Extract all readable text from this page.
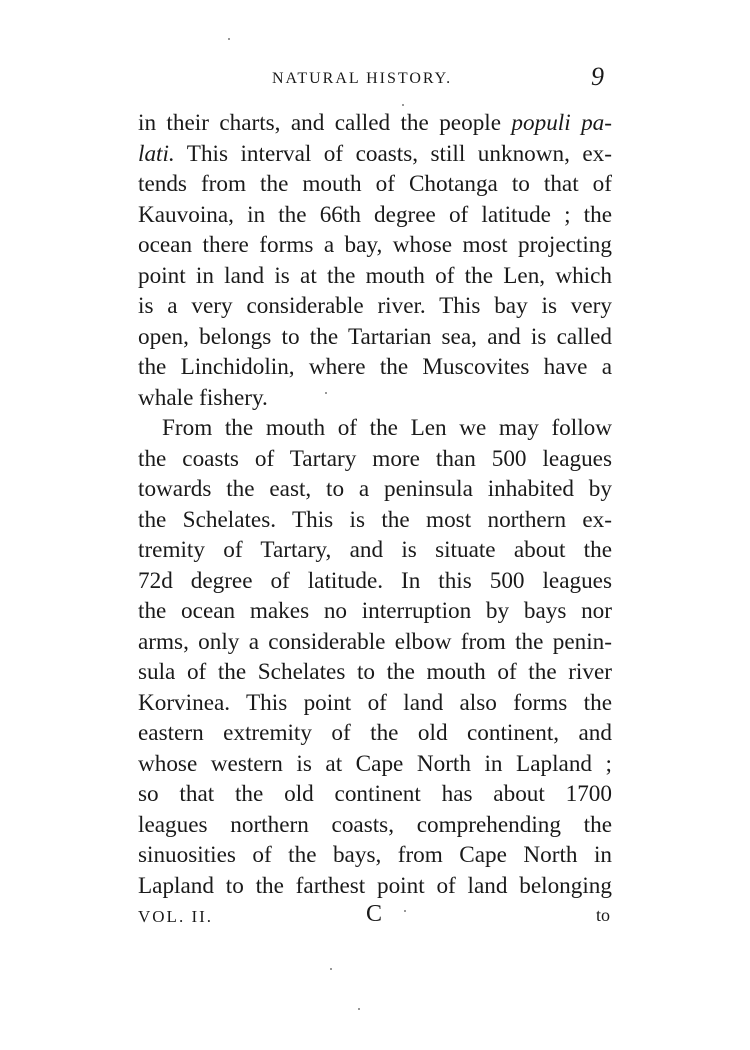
NATURAL HISTORY.	9
in their charts, and called the people populi pa-
lati. This interval of coasts, still unknown, ex-
tends from the mouth of Chotanga to that of
Kauvoina, in the 66th degree of latitude ; the
ocean there forms a bay, whose most projecting
point in land is at the mouth of the Len, which
is a very considerable river. This bay is very
open, belongs to the Tartarian sea, and is called
the Linchidolin, where the Muscovites have a
whale fishery.
From the mouth of the Len we may follow
the coasts of Tartary more than 500 leagues
towards the east, to a peninsula inhabited by
the Schelates. This is the most northern ex-
tremity of Tartary, and is situate about the
72d degree of latitude. In this 500 leagues
the ocean makes no interruption by bays nor
arms, only a considerable elbow from the penin-
sula of the Schelates to the mouth of the river
Korvinea. This point of land also forms the
eastern extremity of the old continent, and
whose western is at Cape North in Lapland ;
so that the old continent has about 1700
leagues northern coasts, comprehending the
sinuosities of the bays, from Cape North in
Lapland to the farthest point of land belonging
VOL. II.	C	to
